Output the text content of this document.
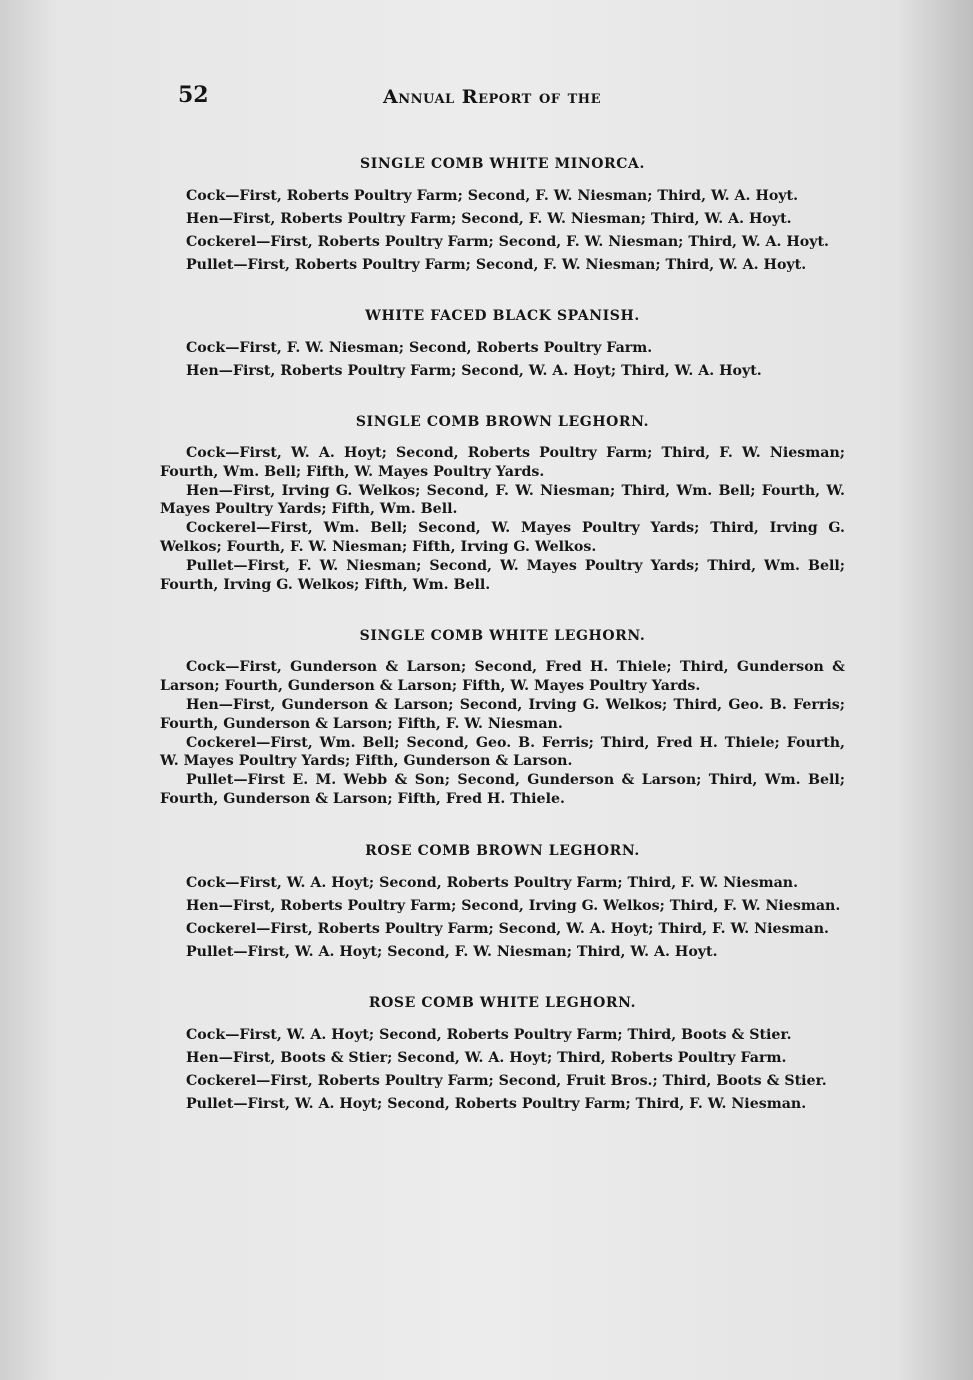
52	Annual Report of the
SINGLE COMB WHITE MINORCA.

Cock—First, Roberts Poultry Farm; Second, F. W. Niesman; Third, W. A. Hoyt.

Hen—First, Roberts Poultry Farm; Second, F. W. Niesman; Third, W. A. Hoyt.

Cockerel—First, Roberts Poultry Farm; Second, F. W. Niesman; Third, W. A. Hoyt.

Pullet—First, Roberts Poultry Farm; Second, F. W. Niesman; Third, W. A. Hoyt.

WHITE FACED BLACK SPANISH.

Cock—First, F. W. Niesman; Second, Roberts Poultry Farm.

Hen—First, Roberts Poultry Farm; Second, W. A. Hoyt; Third, W. A. Hoyt.

SINGLE COMB BROWN LEGHORN.

Cock—First, W. A. Hoyt; Second, Roberts Poultry Farm; Third, F. W. Niesman; Fourth, Wm. Bell; Fifth, W. Mayes Poultry Yards.

Hen—First, Irving G. Welkos; Second, F. W. Niesman; Third, Wm. Bell; Fourth, W. Mayes Poultry Yards; Fifth, Wm. Bell.

Cockerel—First, Wm. Bell; Second, W. Mayes Poultry Yards; Third, Irving G. Welkos; Fourth, F. W. Niesman; Fifth, Irving G. Welkos.

Pullet—First, F. W. Niesman; Second, W. Mayes Poultry Yards; Third, Wm. Bell; Fourth, Irving G. Welkos; Fifth, Wm. Bell.

SINGLE COMB WHITE LEGHORN.

Cock—First, Gunderson & Larson; Second, Fred H. Thiele; Third, Gunderson & Larson; Fourth, Gunderson & Larson; Fifth, W. Mayes Poultry Yards.

Hen—First, Gunderson & Larson; Second, Irving G. Welkos; Third, Geo. B. Ferris; Fourth, Gunderson & Larson; Fifth, F. W. Niesman.

Cockerel—First, Wm. Bell; Second, Geo. B. Ferris; Third, Fred H. Thiele; Fourth, W. Mayes Poultry Yards; Fifth, Gunderson & Larson.

Pullet—First E. M. Webb & Son; Second, Gunderson & Larson; Third, Wm. Bell; Fourth, Gunderson & Larson; Fifth, Fred H. Thiele.

ROSE COMB BROWN LEGHORN.

Cock—First, W. A. Hoyt; Second, Roberts Poultry Farm; Third, F. W. Niesman.

Hen—First, Roberts Poultry Farm; Second, Irving G. Welkos; Third, F. W. Niesman.

Cockerel—First, Roberts Poultry Farm; Second, W. A. Hoyt; Third, F. W. Niesman.

Pullet—First, W. A. Hoyt; Second, F. W. Niesman; Third, W. A. Hoyt.

ROSE COMB WHITE LEGHORN.

Cock—First, W. A. Hoyt; Second, Roberts Poultry Farm; Third, Boots & Stier.

Hen—First, Boots & Stier; Second, W. A. Hoyt; Third, Roberts Poultry Farm.

Cockerel—First, Roberts Poultry Farm; Second, Fruit Bros.; Third, Boots & Stier.

Pullet—First, W. A. Hoyt; Second, Roberts Poultry Farm; Third, F. W. Niesman.
